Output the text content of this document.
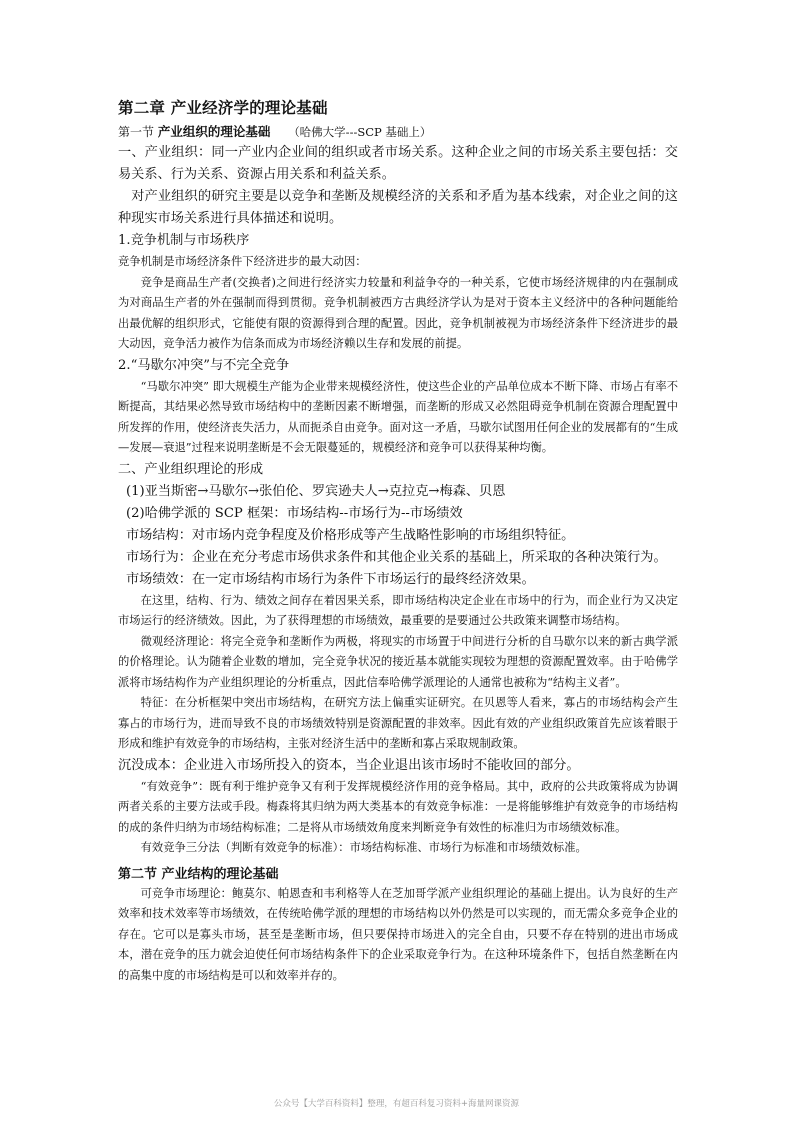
第二章 产业经济学的理论基础
第一节 产业组织的理论基础 （哈佛大学---SCP 基础上）

一、产业组织：同一产业内企业间的组织或者市场关系。这种企业之间的市场关系主要包括：交易关系、行为关系、资源占用关系和利益关系。

对产业组织的研究主要是以竞争和垄断及规模经济的关系和矛盾为基本线索，对企业之间的这种现实市场关系进行具体描述和说明。

1.竞争机制与市场秩序

竞争机制是市场经济条件下经济进步的最大动因：

竞争是商品生产者(交换者)之间进行经济实力较量和利益争夺的一种关系，它使市场经济规律的内在强制成为对商品生产者的外在强制而得到贯彻。竞争机制被西方古典经济学认为是对于资本主义经济中的各种问题能给出最优解的组织形式，它能使有限的资源得到合理的配置。因此，竞争机制被视为市场经济条件下经济进步的最大动因，竞争活力被作为信条而成为市场经济赖以生存和发展的前提。

2.“马歇尔冲突”与不完全竞争

“马歇尔冲突” 即大规模生产能为企业带来规模经济性，使这些企业的产品单位成本不断下降、市场占有率不断提高，其结果必然导致市场结构中的垄断因素不断增强，而垄断的形成又必然阻碍竞争机制在资源合理配置中所发挥的作用，使经济丧失活力，从而扼杀自由竞争。面对这一矛盾，马歇尔试图用任何企业的发展都有的“生成—发展—衰退”过程来说明垄断是不会无限蔓延的，规模经济和竞争可以获得某种均衡。

二、产业组织理论的形成

(1)亚当斯密→马歇尔→张伯伦、罗宾逊夫人→克拉克→梅森、贝恩

(2)哈佛学派的 SCP 框架：市场结构--市场行为--市场绩效

市场结构：对市场内竞争程度及价格形成等产生战略性影响的市场组织特征。

市场行为：企业在充分考虑市场供求条件和其他企业关系的基础上，所采取的各种决策行为。

市场绩效：在一定市场结构市场行为条件下市场运行的最终经济效果。

在这里，结构、行为、绩效之间存在着因果关系，即市场结构决定企业在市场中的行为，而企业行为又决定市场运行的经济绩效。因此，为了获得理想的市场绩效，最重要的是要通过公共政策来调整市场结构。

微观经济理论：将完全竞争和垄断作为两极，将现实的市场置于中间进行分析的自马歇尔以来的新古典学派的价格理论。认为随着企业数的增加，完全竞争状况的接近基本就能实现较为理想的资源配置效率。由于哈佛学派将市场结构作为产业组织理论的分析重点，因此信奉哈佛学派理论的人通常也被称为“结构主义者”。

特征：在分析框架中突出市场结构，在研究方法上偏重实证研究。在贝恩等人看来，寡占的市场结构会产生寡占的市场行为，进而导致不良的市场绩效特别是资源配置的非效率。因此有效的产业组织政策首先应该着眼于形成和维护有效竞争的市场结构，主张对经济生活中的垄断和寡占采取规制政策。

沉没成本：企业进入市场所投入的资本，当企业退出该市场时不能收回的部分。

“有效竞争”：既有利于维护竞争又有利于发挥规模经济作用的竞争格局。其中，政府的公共政策将成为协调两者关系的主要方法或手段。梅森将其归纳为两大类基本的有效竞争标准：一是将能够维护有效竞争的市场结构的成的条件归纳为市场结构标准；二是将从市场绩效角度来判断竞争有效性的标准归为市场绩效标准。

有效竞争三分法（判断有效竞争的标准）：市场结构标准、市场行为标准和市场绩效标准。

第二节 产业结构的理论基础

可竞争市场理论：鲍莫尔、帕恩查和韦利格等人在芝加哥学派产业组织理论的基础上提出。认为良好的生产效率和技术效率等市场绩效，在传统哈佛学派的理想的市场结构以外仍然是可以实现的，而无需众多竞争企业的存在。它可以是寡头市场，甚至是垄断市场，但只要保持市场进入的完全自由，只要不存在特别的进出市场成本，潜在竞争的压力就会迫使任何市场结构条件下的企业采取竞争行为。在这种环境条件下，包括自然垄断在内的高集中度的市场结构是可以和效率并存的。

公众号【大学百科资料】整理，有超百科复习资料+海量网课资源
